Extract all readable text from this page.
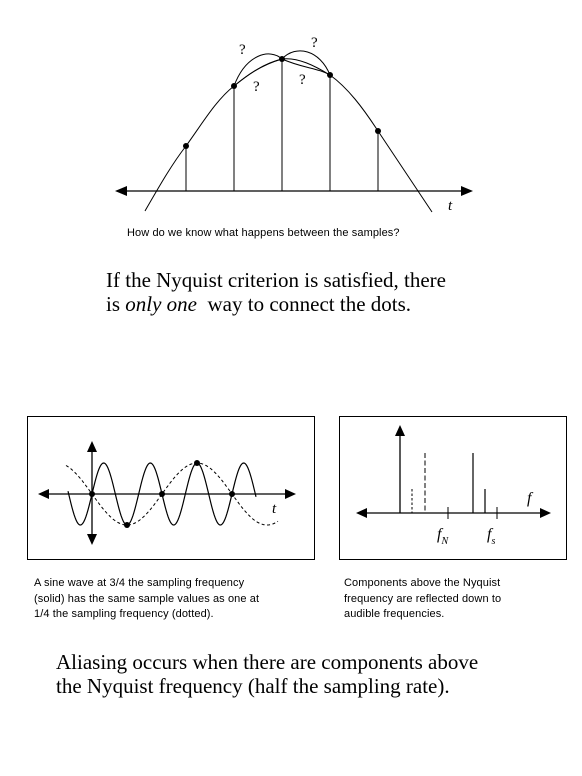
?	?
?	?
t
How do we know what happens between the samples?
If the Nyquist criterion is satisfied, there
is only one  way to connect the dots.
t
A sine wave at 3/4 the sampling frequency
(solid) has the same sample values as one at
1/4 the sampling frequency (dotted).
f
$f_N$ $f_s$
Components above the Nyquist
frequency are reflected down to
audible frequencies.
Aliasing occurs when there are components above
the Nyquist frequency (half the sampling rate).
